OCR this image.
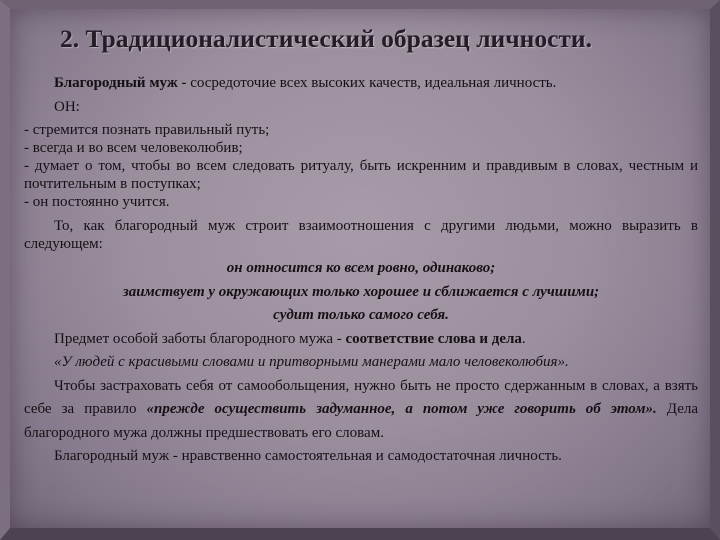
2. Традиционалистический образец личности.

Благородный муж - сосредоточие всех высоких качеств, идеальная личность.

ОН:

- стремится познать правильный путь;

- всегда и во всем человеколюбив;

- думает о том, чтобы во всем следовать ритуалу, быть искренним и правдивым в словах, честным и почтительным в поступках;

- он постоянно учится.

То, как благородный муж строит взаимоотношения с другими людьми, можно выразить в следующем:

он относится ко всем ровно, одинаково;

заимствует у окружающих только хорошее и сближается с лучшими;

судит только самого себя.

Предмет особой заботы благородного мужа - соответствие слова и дела.

«У людей с красивыми словами и притворными манерами мало человеколюбия».

Чтобы застраховать себя от самообольщения, нужно быть не просто сдержанным в словах, а взять себе за правило «прежде осуществить задуманное, а потом уже говорить об этом». Дела благородного мужа должны предшествовать его словам.

Благородный муж - нравственно самостоятельная и самодостаточная личность.
